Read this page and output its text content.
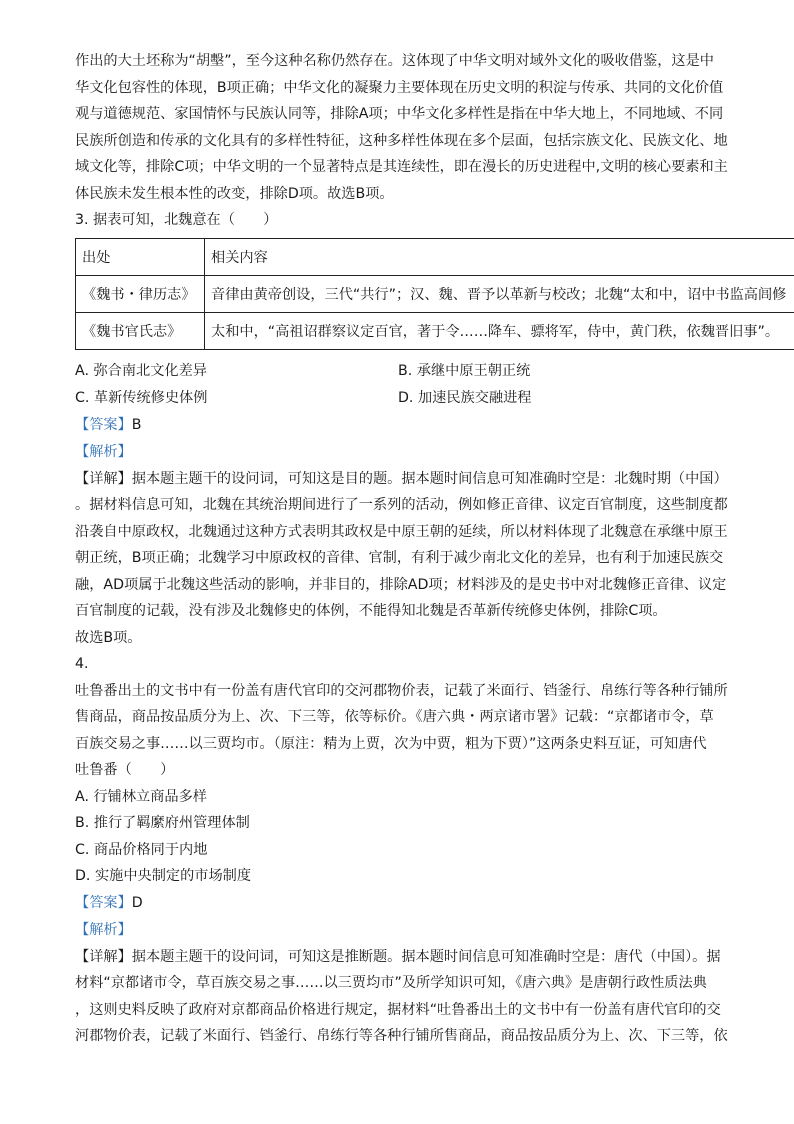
作出的大土坯称为“胡墼”，至今这种名称仍然存在。这体现了中华文明对域外文化的吸收借鉴，这是中
华文化包容性的体现，B项正确；中华文化的凝聚力主要体现在历史文明的积淀与传承、共同的文化价值
观与道德规范、家国情怀与民族认同等，排除A项；中华文化多样性是指在中华大地上，不同地域、不同
民族所创造和传承的文化具有的多样性特征，这种多样性体现在多个层面，包括宗族文化、民族文化、地
域文化等，排除C项；中华文明的一个显著特点是其连续性，即在漫长的历史进程中,文明的核心要素和主
体民族未发生根本性的改变，排除D项。故选B项。
3. 据表可知，北魏意在（　　）
出处	相关内容
《魏书・律历志》	音律由黄帝创设，三代“共行”；汉、魏、晋予以革新与校改；北魏“太和中，诏中书监高闾修
《魏书官氏志》	太和中，“高祖诏群察议定百官，著于令……降车、骠将军，侍中，黄门秩，依魏晋旧事”。
A. 弥合南北文化差异	B. 承继中原王朝正统
C. 革新传统修史体例	D. 加速民族交融进程
【答案】B
【解析】
【详解】据本题主题干的设问词，可知这是目的题。据本题时间信息可知准确时空是：北魏时期（中国）
。据材料信息可知，北魏在其统治期间进行了一系列的活动，例如修正音律、议定百官制度，这些制度都
沿袭自中原政权，北魏通过这种方式表明其政权是中原王朝的延续，所以材料体现了北魏意在承继中原王
朝正统，B项正确；北魏学习中原政权的音律、官制，有利于减少南北文化的差异，也有利于加速民族交
融，AD项属于北魏这些活动的影响，并非目的，排除AD项；材料涉及的是史书中对北魏修正音律、议定
百官制度的记载，没有涉及北魏修史的体例，不能得知北魏是否革新传统修史体例，排除C项。
故选B项。
4.
吐鲁番出土的文书中有一份盖有唐代官印的交河郡物价表，记载了米面行、铛釜行、帛练行等各种行铺所
售商品，商品按品质分为上、次、下三等，依等标价。《唐六典・两京诸市署》记载：“京都诸市令，草
百族交易之事……以三贾均市。（原注：精为上贾，次为中贾，粗为下贾）”这两条史料互证，可知唐代
吐鲁番（　　）
A. 行铺林立商品多样
B. 推行了羁縻府州管理体制
C. 商品价格同于内地
D. 实施中央制定的市场制度
【答案】D
【解析】
【详解】据本题主题干的设问词，可知这是推断题。据本题时间信息可知准确时空是：唐代（中国）。据
材料“京都诸市令，草百族交易之事……以三贾均市”及所学知识可知，《唐六典》是唐朝行政性质法典
，这则史料反映了政府对京都商品价格进行规定，据材料“吐鲁番出土的文书中有一份盖有唐代官印的交
河郡物价表，记载了米面行、铛釜行、帛练行等各种行铺所售商品，商品按品质分为上、次、下三等，依
